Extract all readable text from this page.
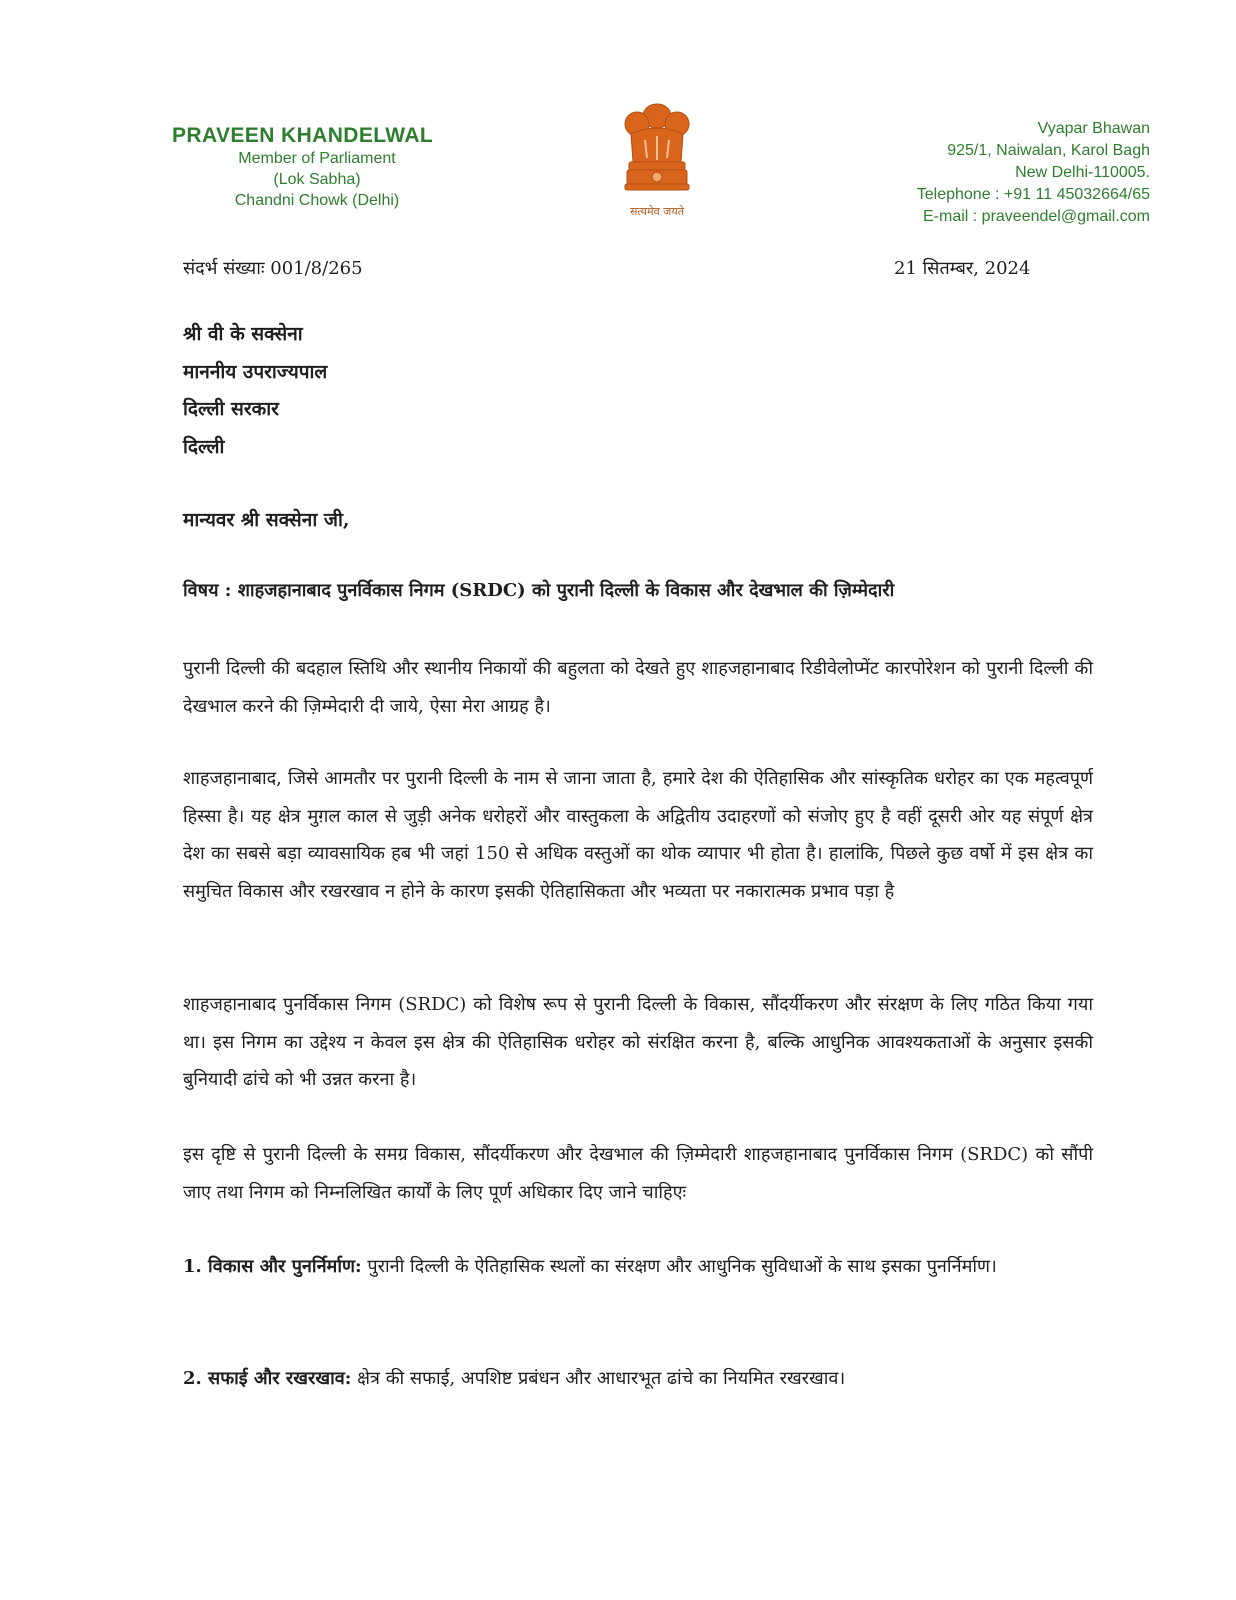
PRAVEEN KHANDELWAL
Member of Parliament
(Lok Sabha)
Chandni Chowk (Delhi)
सत्यमेव जयते
Vyapar Bhawan
925/1, Naiwalan, Karol Bagh
New Delhi-110005.
Telephone : +91 11 45032664/65
E-mail : praveendel@gmail.com
संदर्भ संख्याः 001/8/265	21 सितम्बर, 2024
श्री वी के सक्सेना
माननीय उपराज्यपाल
दिल्ली सरकार
दिल्ली
मान्यवर श्री सक्सेना जी,
विषय : शाहजहानाबाद पुनर्विकास निगम (SRDC) को पुरानी दिल्ली के विकास और देखभाल की ज़िम्मेदारी
पुरानी दिल्ली की बदहाल स्तिथि और स्थानीय निकायों की बहुलता को देखते हुए शाहजहानाबाद रिडीवेलोप्मेंट कारपोरेशन को पुरानी दिल्ली की देखभाल करने की ज़िम्मेदारी दी जाये, ऐसा मेरा आग्रह है।
शाहजहानाबाद, जिसे आमतौर पर पुरानी दिल्ली के नाम से जाना जाता है, हमारे देश की ऐतिहासिक और सांस्कृतिक धरोहर का एक महत्वपूर्ण हिस्सा है। यह क्षेत्र मुग़ल काल से जुड़ी अनेक धरोहरों और वास्तुकला के अद्वितीय उदाहरणों को संजोए हुए है वहीं दूसरी ओर यह संपूर्ण क्षेत्र देश का सबसे बड़ा व्यावसायिक हब भी जहां 150 से अधिक वस्तुओं का थोक व्यापार भी होता है। हालांकि, पिछले कुछ वर्षो में इस क्षेत्र का समुचित विकास और रखरखाव न होने के कारण इसकी ऐतिहासिकता और भव्यता पर नकारात्मक प्रभाव पड़ा है
शाहजहानाबाद पुनर्विकास निगम (SRDC) को विशेष रूप से पुरानी दिल्ली के विकास, सौंदर्यीकरण और संरक्षण के लिए गठित किया गया था। इस निगम का उद्देश्य न केवल इस क्षेत्र की ऐतिहासिक धरोहर को संरक्षित करना है, बल्कि आधुनिक आवश्यकताओं के अनुसार इसकी बुनियादी ढांचे को भी उन्नत करना है।
इस दृष्टि से पुरानी दिल्ली के समग्र विकास, सौंदर्यीकरण और देखभाल की ज़िम्मेदारी शाहजहानाबाद पुनर्विकास निगम (SRDC) को सौंपी जाए तथा निगम को निम्नलिखित कार्यों के लिए पूर्ण अधिकार दिए जाने चाहिएः
1. विकास और पुनर्निर्माण: पुरानी दिल्ली के ऐतिहासिक स्थलों का संरक्षण और आधुनिक सुविधाओं के साथ इसका पुनर्निर्माण।
2. सफाई और रखरखाव: क्षेत्र की सफाई, अपशिष्ट प्रबंधन और आधारभूत ढांचे का नियमित रखरखाव।
